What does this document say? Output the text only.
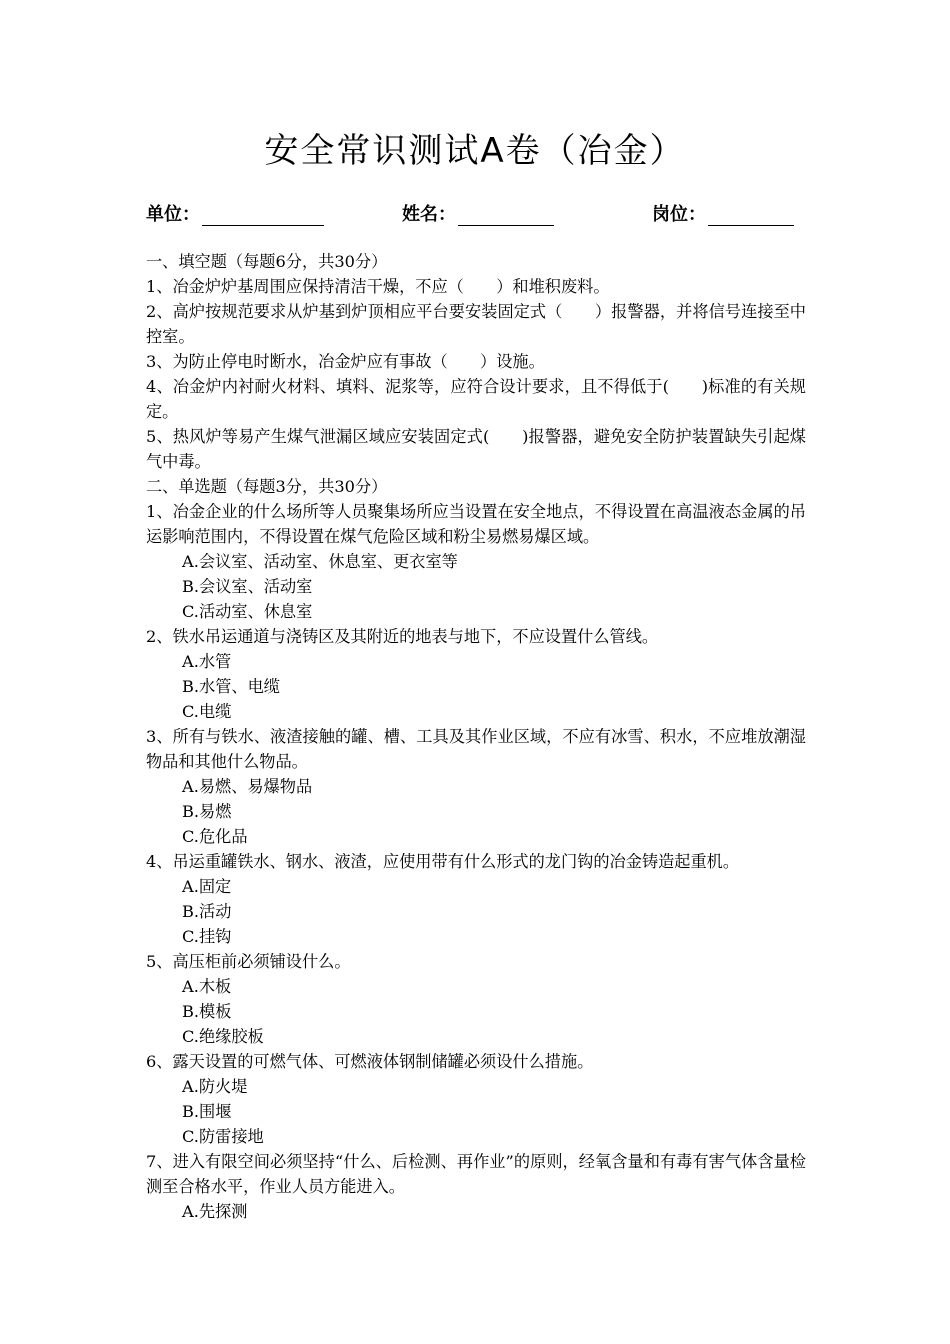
安全常识测试A卷（冶金）
单位：	姓名：	岗位：
一、填空题（每题6分，共30分）
1、冶金炉炉基周围应保持清洁干燥，不应（　　）和堆积废料。
2、高炉按规范要求从炉基到炉顶相应平台要安装固定式（　　）报警器，并将信号连接至中控室。
3、为防止停电时断水，冶金炉应有事故（　　）设施。
4、冶金炉内衬耐火材料、填料、泥浆等，应符合设计要求，且不得低于(　　)标准的有关规定。
5、热风炉等易产生煤气泄漏区域应安装固定式(　　)报警器，避免安全防护装置缺失引起煤气中毒。
二、单选题（每题3分，共30分）
1、冶金企业的什么场所等人员聚集场所应当设置在安全地点，不得设置在高温液态金属的吊运影响范围内，不得设置在煤气危险区域和粉尘易燃易爆区域。
A.会议室、活动室、休息室、更衣室等
B.会议室、活动室
C.活动室、休息室
2、铁水吊运通道与浇铸区及其附近的地表与地下，不应设置什么管线。
A.水管
B.水管、电缆
C.电缆
3、所有与铁水、液渣接触的罐、槽、工具及其作业区域，不应有冰雪、积水，不应堆放潮湿物品和其他什么物品。
A.易燃、易爆物品
B.易燃
C.危化品
4、吊运重罐铁水、钢水、液渣，应使用带有什么形式的龙门钩的冶金铸造起重机。
A.固定
B.活动
C.挂钩
5、高压柜前必须铺设什么。
A.木板
B.模板
C.绝缘胶板
6、露天设置的可燃气体、可燃液体钢制储罐必须设什么措施。
A.防火堤
B.围堰
C.防雷接地
7、进入有限空间必须坚持“什么、后检测、再作业”的原则，经氧含量和有毒有害气体含量检测至合格水平，作业人员方能进入。
A.先探测
